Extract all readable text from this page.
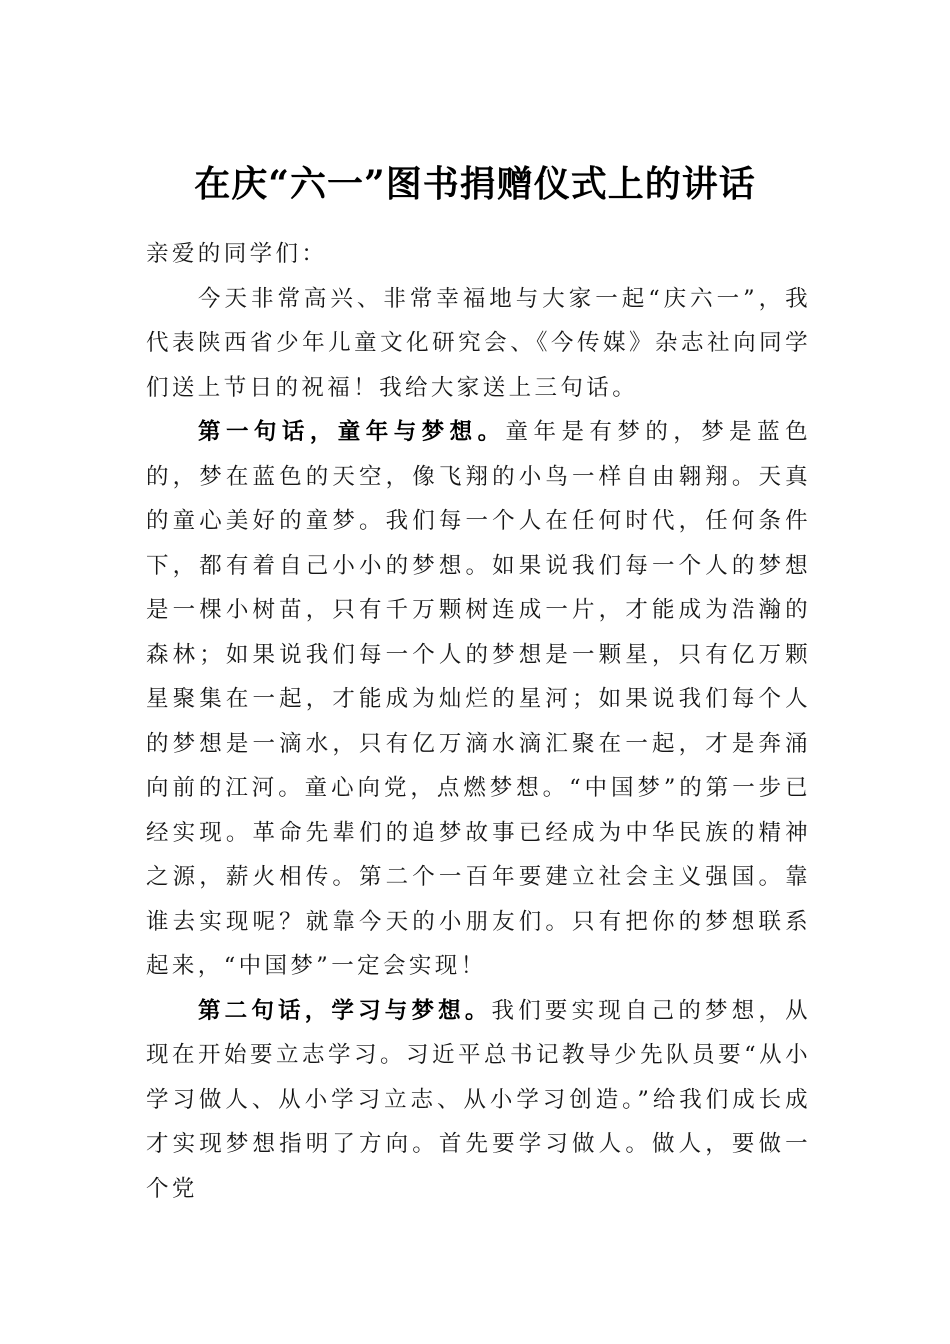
在庆“六一”图书捐赠仪式上的讲话

亲爱的同学们：

今天非常高兴、非常幸福地与大家一起“庆六一”，我代表陕西省少年儿童文化研究会、《今传媒》杂志社向同学们送上节日的祝福！我给大家送上三句话。

第一句话，童年与梦想。童年是有梦的，梦是蓝色的，梦在蓝色的天空，像飞翔的小鸟一样自由翱翔。天真的童心美好的童梦。我们每一个人在任何时代，任何条件下，都有着自己小小的梦想。如果说我们每一个人的梦想是一棵小树苗，只有千万颗树连成一片，才能成为浩瀚的森林；如果说我们每一个人的梦想是一颗星，只有亿万颗星聚集在一起，才能成为灿烂的星河；如果说我们每个人的梦想是一滴水，只有亿万滴水滴汇聚在一起，才是奔涌向前的江河。童心向党，点燃梦想。“中国梦”的第一步已经实现。革命先辈们的追梦故事已经成为中华民族的精神之源，薪火相传。第二个一百年要建立社会主义强国。靠谁去实现呢？就靠今天的小朋友们。只有把你的梦想联系起来，“中国梦”一定会实现！

第二句话，学习与梦想。我们要实现自己的梦想，从现在开始要立志学习。习近平总书记教导少先队员要“从小学习做人、从小学习立志、从小学习创造。”给我们成长成才实现梦想指明了方向。首先要学习做人。做人，要做一个党
